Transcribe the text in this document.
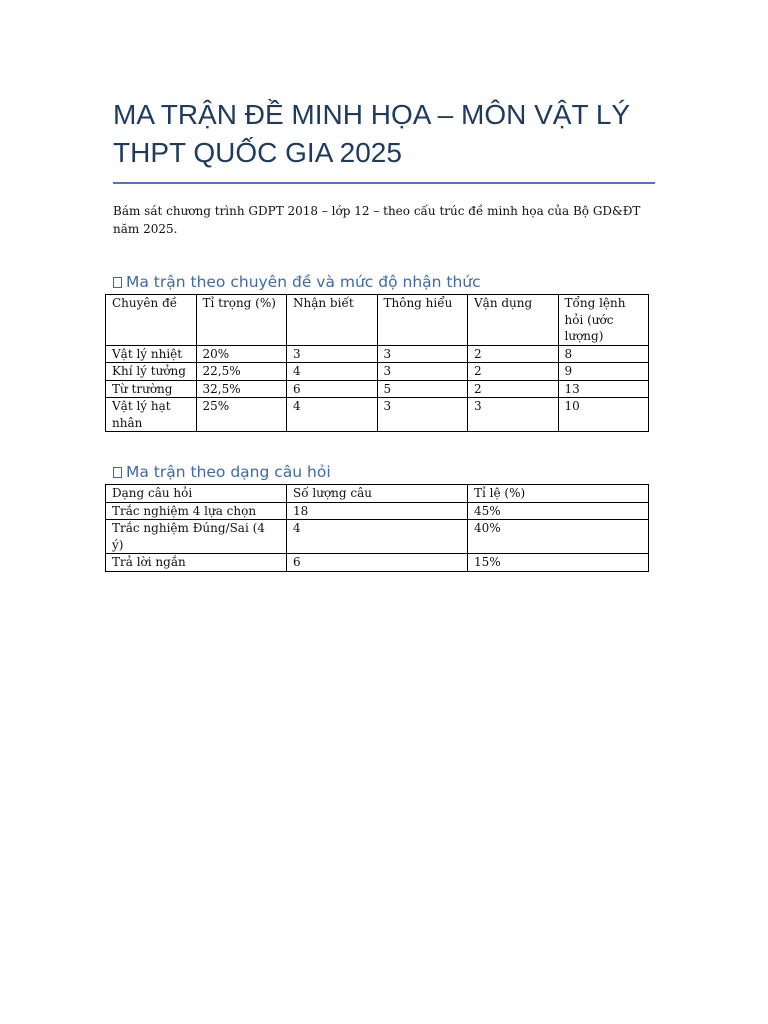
MA TRẬN ĐỀ MINH HỌA – MÔN VẬT LÝ
THPT QUỐC GIA 2025

Bám sát chương trình GDPT 2018 – lớp 12 – theo cấu trúc đề minh họa của Bộ GD&ĐT năm 2025.

Ma trận theo chuyên đề và mức độ nhận thức
Chuyên đề	Tỉ trọng (%)	Nhận biết	Thông hiểu	Vận dụng	Tổng lệnh hỏi (ước lượng)
Vật lý nhiệt	20%	3	3	2	8
Khí lý tưởng	22,5%	4	3	2	9
Từ trường	32,5%	6	5	2	13
Vật lý hạt nhân	25%	4	3	3	10
Ma trận theo dạng câu hỏi
Dạng câu hỏi	Số lượng câu	Tỉ lệ (%)
Trắc nghiệm 4 lựa chọn	18	45%
Trắc nghiệm Đúng/Sai (4 ý)	4	40%
Trả lời ngắn	6	15%
